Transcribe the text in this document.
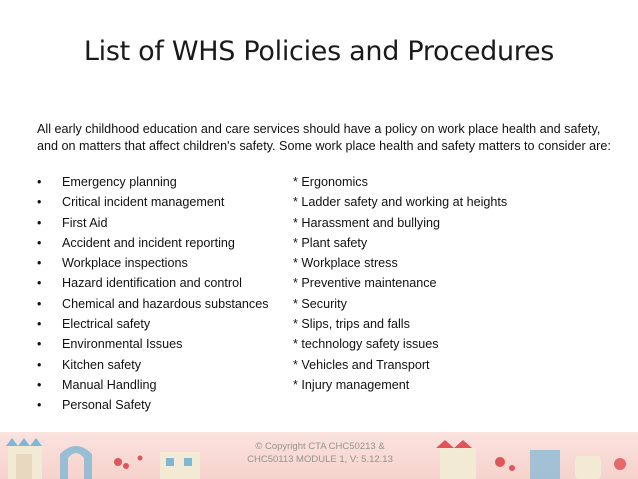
List of WHS Policies and Procedures
All early childhood education and care services should have a policy on work place health and safety, and on matters that affect children's safety. Some work place health and safety matters to consider are:
•	Emergency planning
•	Critical incident management
•	First Aid
•	Accident and incident reporting
•	Workplace inspections
•	Hazard identification and control
•	Chemical and hazardous substances
•	Electrical safety
•	Environmental Issues
•	Kitchen safety
•	Manual Handling
•	Personal Safety
* Ergonomics
* Ladder safety and working at heights
* Harassment and bullying
* Plant safety
* Workplace stress
* Preventive maintenance
* Security
* Slips, trips and falls
* technology safety issues
* Vehicles and Transport
* Injury management
© Copyright CTA CHC50213 &
CHC50113 MODULE 1, V: 5.12.13
